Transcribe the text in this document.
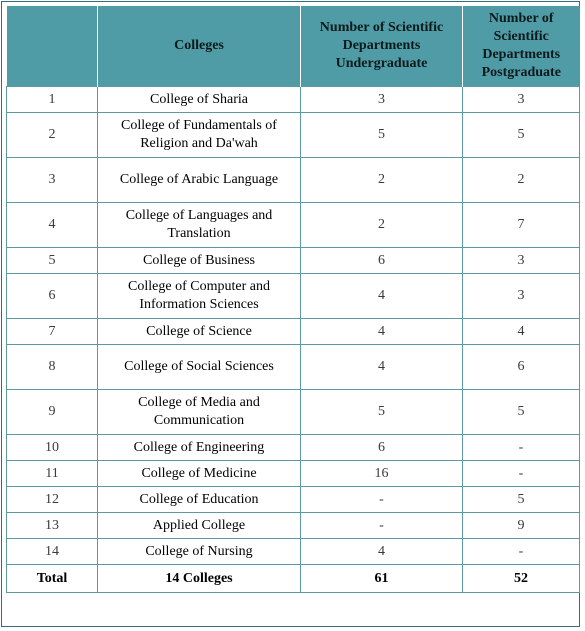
	Colleges	Number of Scientific Departments Undergraduate	Number of Scientific Departments Postgraduate
1	College of Sharia	3	3
2	College of Fundamentals of Religion and Da'wah	5	5
3	College of Arabic Language	2	2
4	College of Languages and Translation	2	7
5	College of Business	6	3
6	College of Computer and Information Sciences	4	3
7	College of Science	4	4
8	College of Social Sciences	4	6
9	College of Media and Communication	5	5
10	College of Engineering	6	-
11	College of Medicine	16	-
12	College of Education	-	5
13	Applied College	-	9
14	College of Nursing	4	-
Total	14 Colleges	61	52
